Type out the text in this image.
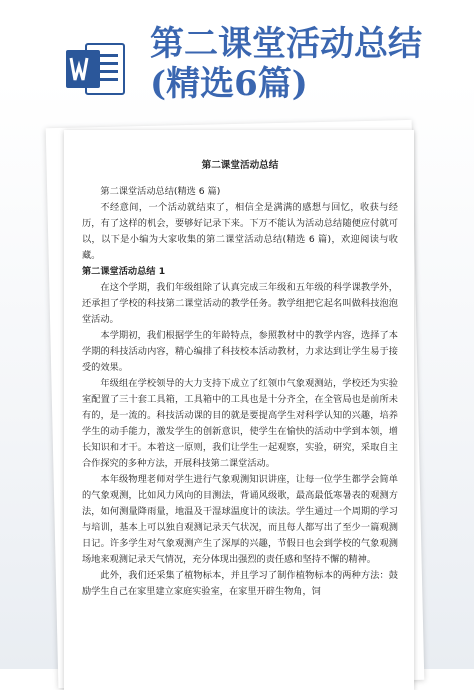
第二课堂活动总结(精选6篇)
第二课堂活动总结
第二课堂活动总结(精选 6 篇)
不经意间，一个活动就结束了，相信全是满满的感想与回忆，收获与经历，有了这样的机会，要够好记录下来。下万不能认为活动总结随便应付就可以，以下是小编为大家收集的第二课堂活动总结(精选 6 篇)，欢迎阅读与收藏。
第二课堂活动总结 1
在这个学期，我们年级组除了认真完成三年级和五年级的科学课教学外，还承担了学校的科技第二课堂活动的教学任务。教学组把它起名叫做科技泡泡堂活动。
本学期初，我们根据学生的年龄特点，参照教材中的教学内容，选择了本学期的科技活动内容，精心编排了科技校本活动教材，力求达到让学生易于接受的效果。
年级组在学校领导的大力支持下成立了红领巾气象观测站，学校还为实验室配置了三十套工具箱，工具箱中的工具也是十分齐全，在全管局也是前所未有的，是一流的。科技活动课的目的就是要提高学生对科学认知的兴趣，培养学生的动手能力，激发学生的创新意识，使学生在愉快的活动中学到本领，增长知识和才干。本着这一原则，我们让学生一起观察，实验，研究，采取自主合作探究的多种方法，开展科技第二课堂活动。
本年级物理老师对学生进行气象观测知识讲座，让每一位学生都学会简单的气象观测，比如风力风向的目测法，背诵风级歌，最高最低寒暑表的观测方法，如何测量降雨量，地温及干湿球温度计的读法。学生通过一个周期的学习与培训，基本上可以独自观测记录天气状况，而且每人都写出了至少一篇观测日记。许多学生对气象观测产生了深厚的兴趣，节假日也会到学校的气象观测场地来观测记录天气情况，充分体现出强烈的责任感和坚持不懈的精神。
此外，我们还采集了植物标本，并且学习了制作植物标本的两种方法：鼓励学生自己在家里建立家庭实验室，在家里开辟生物角，饲
